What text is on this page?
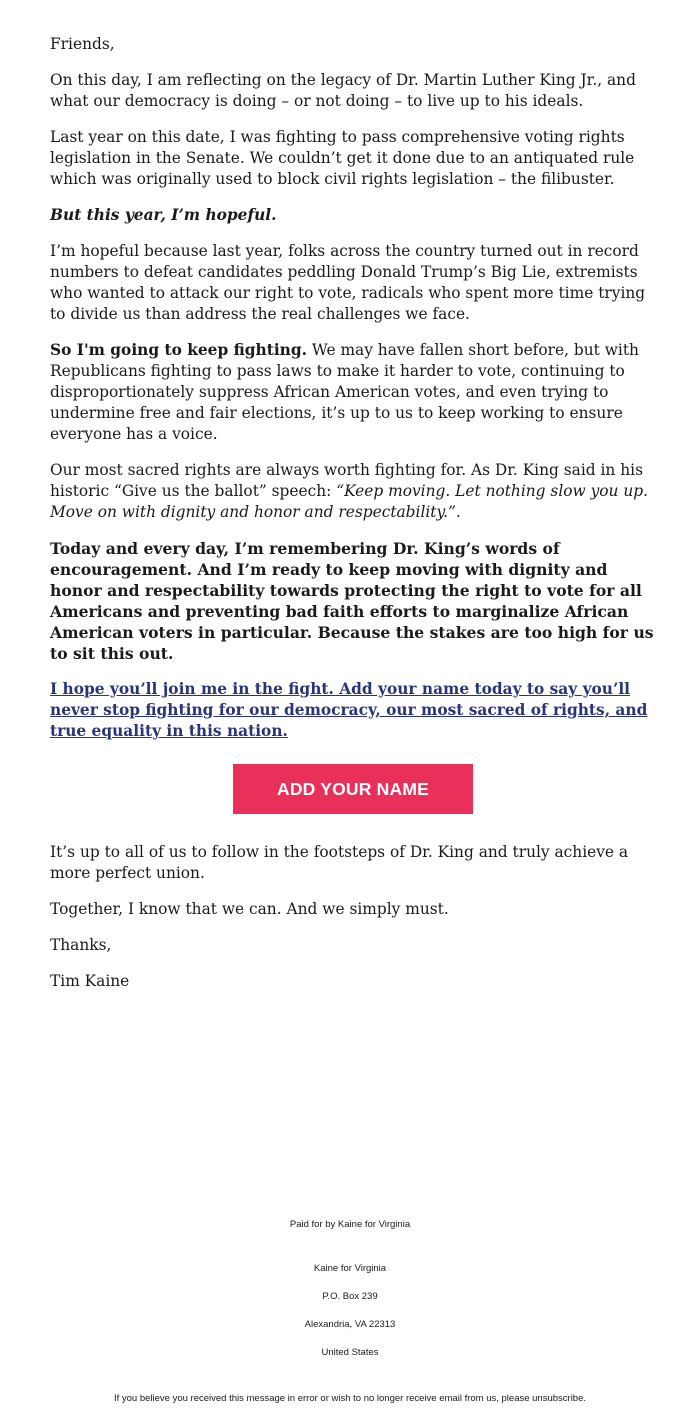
Friends,

On this day, I am reflecting on the legacy of Dr. Martin Luther King Jr., and what our democracy is doing – or not doing – to live up to his ideals.

Last year on this date, I was fighting to pass comprehensive voting rights legislation in the Senate. We couldn’t get it done due to an antiquated rule which was originally used to block civil rights legislation – the filibuster.

But this year, I’m hopeful.

I’m hopeful because last year, folks across the country turned out in record numbers to defeat candidates peddling Donald Trump’s Big Lie, extremists who wanted to attack our right to vote, radicals who spent more time trying to divide us than address the real challenges we face.

So I'm going to keep fighting. We may have fallen short before, but with Republicans fighting to pass laws to make it harder to vote, continuing to disproportionately suppress African American votes, and even trying to undermine free and fair elections, it’s up to us to keep working to ensure everyone has a voice.

Our most sacred rights are always worth fighting for. As Dr. King said in his historic “Give us the ballot” speech: “Keep moving. Let nothing slow you up. Move on with dignity and honor and respectability.”.

Today and every day, I’m remembering Dr. King’s words of encouragement. And I’m ready to keep moving with dignity and honor and respectability towards protecting the right to vote for all Americans and preventing bad faith efforts to marginalize African American voters in particular. Because the stakes are too high for us to sit this out.

I hope you’ll join me in the fight. Add your name today to say you’ll never stop fighting for our democracy, our most sacred of rights, and true equality in this nation.

ADD YOUR NAME

It’s up to all of us to follow in the footsteps of Dr. King and truly achieve a more perfect union.

Together, I know that we can. And we simply must.

Thanks,

Tim Kaine

Paid for by Kaine for Virginia

Kaine for Virginia

P.O. Box 239

Alexandria, VA 22313

United States

If you believe you received this message in error or wish to no longer receive email from us, please unsubscribe.
